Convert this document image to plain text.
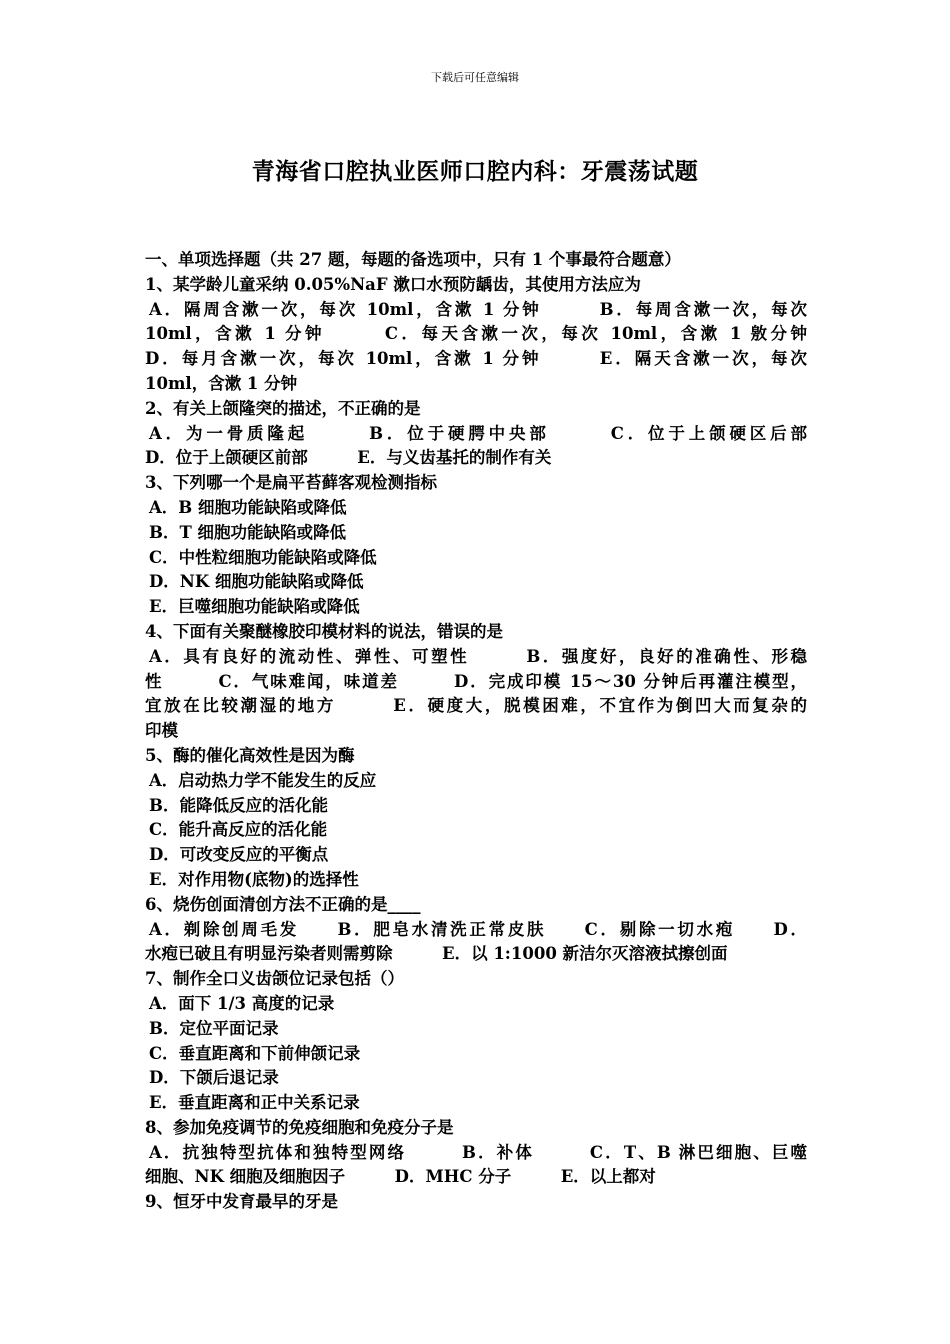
下载后可任意编辑
青海省口腔执业医师口腔内科：牙震荡试题
一、单项选择题（共 27 题，每题的备选项中，只有 1 个事最符合题意）
1、某学龄儿童采纳 0.05%NaF 漱口水预防龋齿，其使用方法应为
A．隔周含漱一次，每次 10ml，含漱 1 分钟　　　B．每周含漱一次，每次
10ml，含漱 1 分钟　　　C．每天含漱一次，每次 10ml，含漱 1 敫分钟
D．每月含漱一次，每次 10ml，含漱 1 分钟　　　E．隔天含漱一次，每次
10ml，含漱 1 分钟
2、有关上颌隆突的描述，不正确的是
A．为一骨质隆起　　　B．位于硬腭中央部　　　C．位于上颌硬区后部
D．位于上颌硬区前部　　　E．与义齿基托的制作有关
3、下列哪一个是扁平苔藓客观检测指标
A．B 细胞功能缺陷或降低
B．T 细胞功能缺陷或降低
C．中性粒细胞功能缺陷或降低
D．NK 细胞功能缺陷或降低
E．巨噬细胞功能缺陷或降低
4、下面有关聚醚橡胶印模材料的说法，错误的是
A．具有良好的流动性、弹性、可塑性　　　B．强度好，良好的准确性、形稳
性　　　C．气味难闻，味道差　　　D．完成印模 15～30 分钟后再灌注模型，
宜放在比较潮湿的地方　　　E．硬度大，脱模困难，不宜作为倒凹大而复杂的
印模
5、酶的催化高效性是因为酶
A．启动热力学不能发生的反应
B．能降低反应的活化能
C．能升高反应的活化能
D．可改变反应的平衡点
E．对作用物(底物)的选择性
6、烧伤创面清创方法不正确的是____
A．剃除创周毛发　　B．肥皂水清洗正常皮肤　　C．剔除一切水疱　　D．
水疱已破且有明显污染者则需剪除　　　E．以 1:1000 新洁尔灭溶液拭擦创面
7、制作全口义齿颌位记录包括（）
A．面下 1/3 高度的记录
B．定位平面记录
C．垂直距离和下前伸颌记录
D．下颌后退记录
E．垂直距离和正中关系记录
8、参加免疫调节的免疫细胞和免疫分子是
A．抗独特型抗体和独特型网络　　　B．补体　　　C．T、B 淋巴细胞、巨噬
细胞、NK 细胞及细胞因子　　　D．MHC 分子　　　E．以上都对
9、恒牙中发育最早的牙是
